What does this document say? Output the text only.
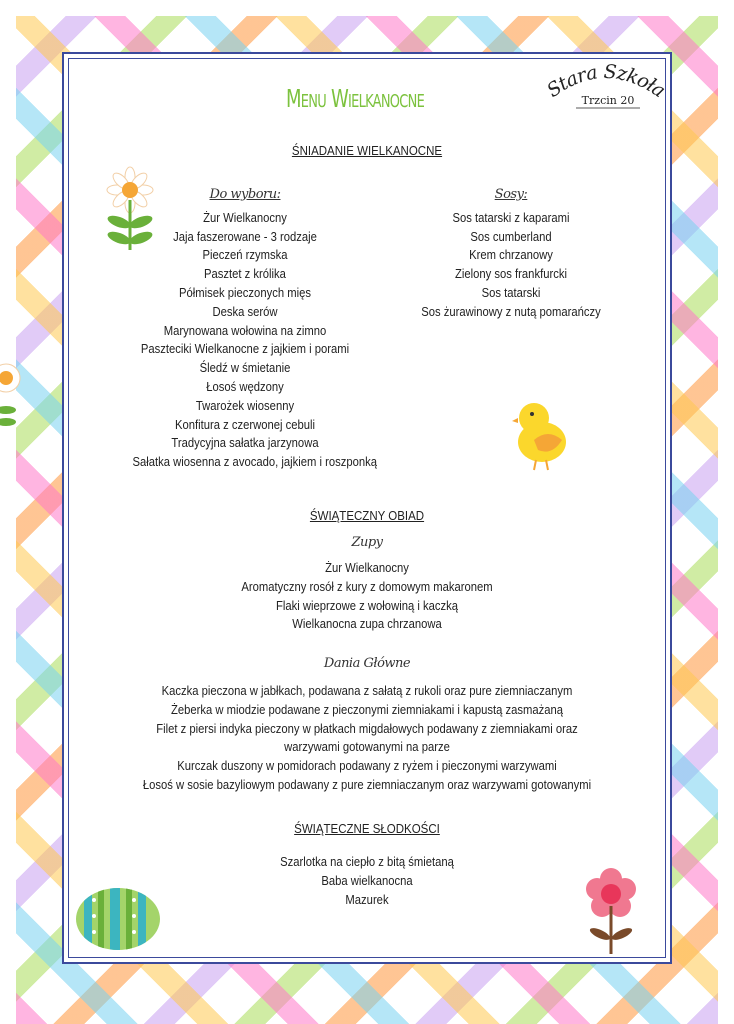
Menu Wielkanocne	Stara Szkoła
Trzcin 20
ŚNIADANIE WIELKANOCNE
Do wyboru:
Żur Wielkanocny
Jaja faszerowane - 3 rodzaje
Pieczeń rzymska
Pasztet z królika
Półmisek pieczonych mięs
Deska serów
Marynowana wołowina na zimno
Paszteciki Wielkanocne z jajkiem i porami
Śledź w śmietanie
Łosoś wędzony
Twarożek wiosenny
Konfitura z czerwonej cebuli
Tradycyjna sałatka jarzynowa
Sałatka wiosenna z avocado, jajkiem i roszponką
Sosy:
Sos tatarski z kaparami
Sos cumberland
Krem chrzanowy
Zielony sos frankfurcki
Sos tatarski
Sos żurawinowy z nutą pomarańczy
ŚWIĄTECZNY OBIAD
Zupy
Żur Wielkanocny
Aromatyczny rosół z kury z domowym makaronem
Flaki wieprzowe z wołowiną i kaczką
Wielkanocna zupa chrzanowa
Dania Główne
Kaczka pieczona w jabłkach, podawana z sałatą z rukoli oraz pure ziemniaczanym
Żeberka w miodzie podawane z pieczonymi ziemniakami i kapustą zasmażaną
Filet z piersi indyka pieczony w płatkach migdałowych podawany z ziemniakami oraz
warzywami gotowanymi na parze
Kurczak duszony w pomidorach podawany z ryżem i pieczonymi warzywami
Łosoś w sosie bazyliowym podawany z pure ziemniaczanym oraz warzywami gotowanymi
ŚWIĄTECZNE SŁODKOŚCI
Szarlotka na ciepło z bitą śmietaną
Baba wielkanocna
Mazurek
